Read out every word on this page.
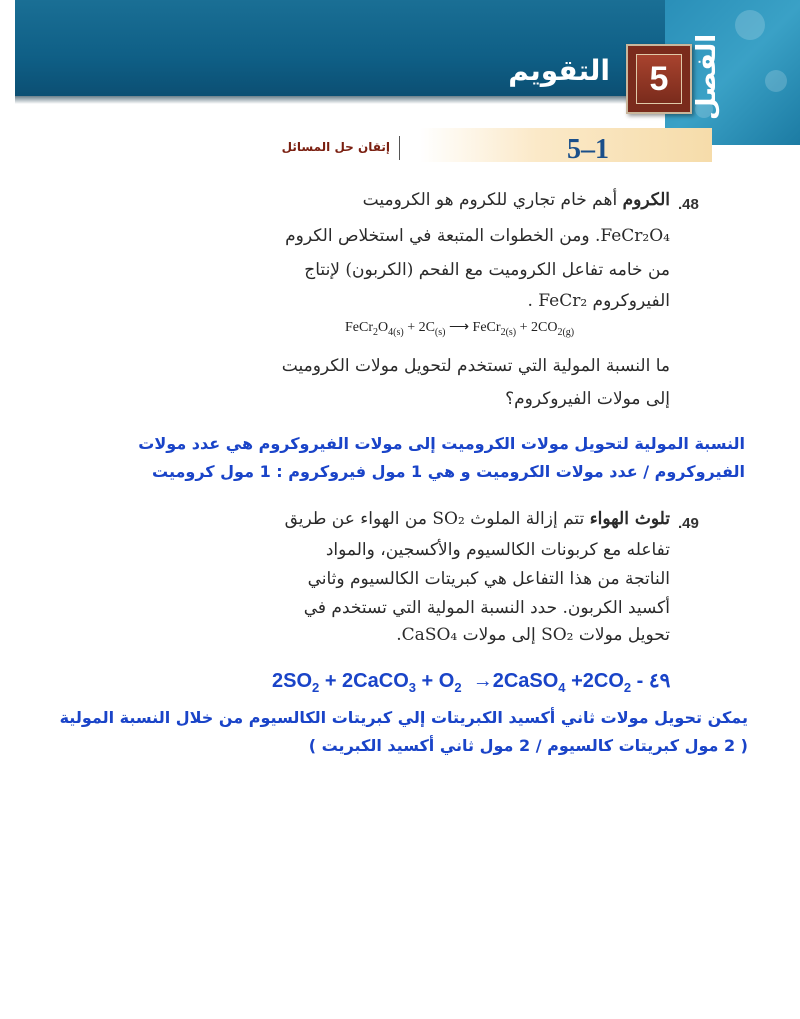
التقويم	5 الفصل
5–1
إتقان حل المسائل
.48
الكروم أهم خام تجاري للكروم هو الكروميت
FeCr₂O₄. ومن الخطوات المتبعة في استخلاص الكروم
من خامه تفاعل الكروميت مع الفحم (الكربون) لإنتاج
الفيروكروم FeCr₂ .
ما النسبة المولية التي تستخدم لتحويل مولات الكروميت
إلى مولات الفيروكروم؟
$FeCr_2O_{4(s)} + 2C_{(s)}$ ⟶ FeCr$_{2(s)}$ + $2CO_{2(g)}$
النسبة المولية لتحويل مولات الكروميت إلى مولات الفيروكروم هي عدد مولات
الفيروكروم / عدد مولات الكروميت و هي 1 مول فيروكروم : 1 مول كروميت
.49
تلوث الهواء تتم إزالة الملوث SO₂ من الهواء عن طريق
تفاعله مع كربونات الكالسيوم والأكسجين، والمواد
الناتجة من هذا التفاعل هي كبريتات الكالسيوم وثاني
أكسيد الكربون. حدد النسبة المولية التي تستخدم في
تحويل مولات SO₂ إلى مولات CaSO₄.
$2SO_2$ + 2CaCO$_3$ + $O_2$  →2CaSO$_4$ $+2CO_2$ ٤٩ -
يمكن تحويل مولات ثاني أكسيد الكبريتات إلي كبريتات الكالسيوم من خلال النسبة المولية
( 2 مول كبريتات كالسيوم / 2 مول ثاني أكسيد الكبريت )
